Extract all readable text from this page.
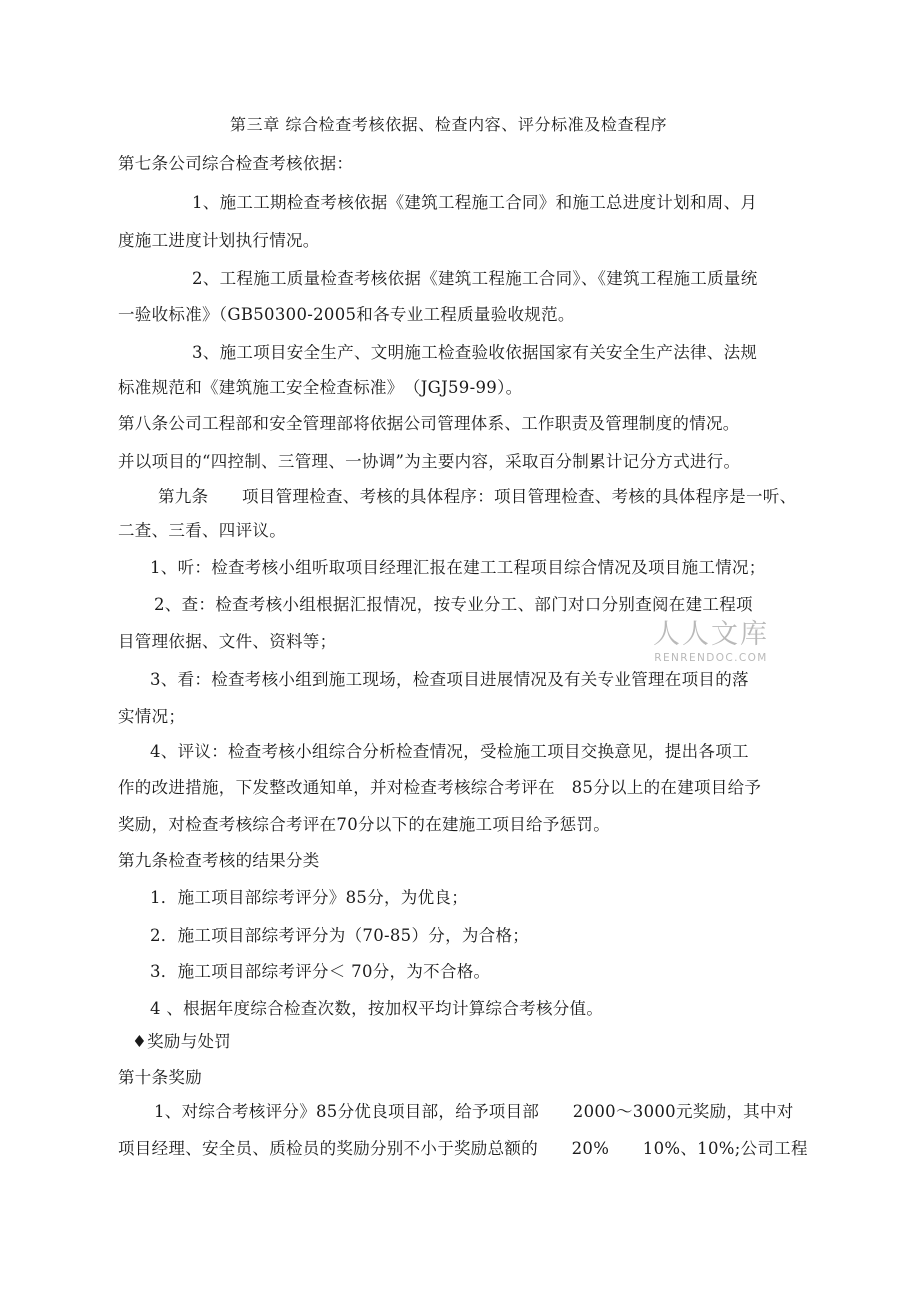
第三章 综合检查考核依据、检查内容、评分标准及检查程序
第七条公司综合检查考核依据：
1、施工工期检查考核依据《建筑工程施工合同》和施工总进度计划和周、月
度施工进度计划执行情况。
2、工程施工质量检查考核依据《建筑工程施工合同》、《建筑工程施工质量统
一验收标准》（GB50300-2005和各专业工程质量验收规范。
3、施工项目安全生产、文明施工检查验收依据国家有关安全生产法律、法规
标准规范和《建筑施工安全检查标准》　（JGJ59-99）。
第八条公司工程部和安全管理部将依据公司管理体系、工作职责及管理制度的情况。
并以项目的“四控制、三管理、一协调”为主要内容，采取百分制累计记分方式进行。
第九条　　项目管理检查、考核的具体程序：项目管理检查、考核的具体程序是一听、
二查、三看、四评议。
1、听：检查考核小组听取项目经理汇报在建工工程项目综合情况及项目施工情况；
2、查：检查考核小组根据汇报情况，按专业分工、部门对口分别查阅在建工程项
目管理依据、文件、资料等；
3、看：检查考核小组到施工现场，检查项目进展情况及有关专业管理在项目的落
实情况；
4、评议：检查考核小组综合分析检查情况，受检施工项目交换意见，提出各项工
作的改进措施，下发整改通知单，并对检查考核综合考评在　85分以上的在建项目给予
奖励，对检查考核综合考评在70分以下的在建施工项目给予惩罚。
第九条检查考核的结果分类
1．施工项目部综考评分》85分，为优良；
2．施工项目部综考评分为（70-85）分，为合格；
3．施工项目部综考评分＜ 70分，为不合格。
4 、根据年度综合检查次数，按加权平均计算综合考核分值。
♦奖励与处罚
第十条奖励
1、对综合考核评分》85分优良项目部，给予项目部　　2000～3000元奖励，其中对
项目经理、安全员、质检员的奖励分别不小于奖励总额的　　20%　　10%、10%;公司工程
人人文库
RENRENDOC.COM
